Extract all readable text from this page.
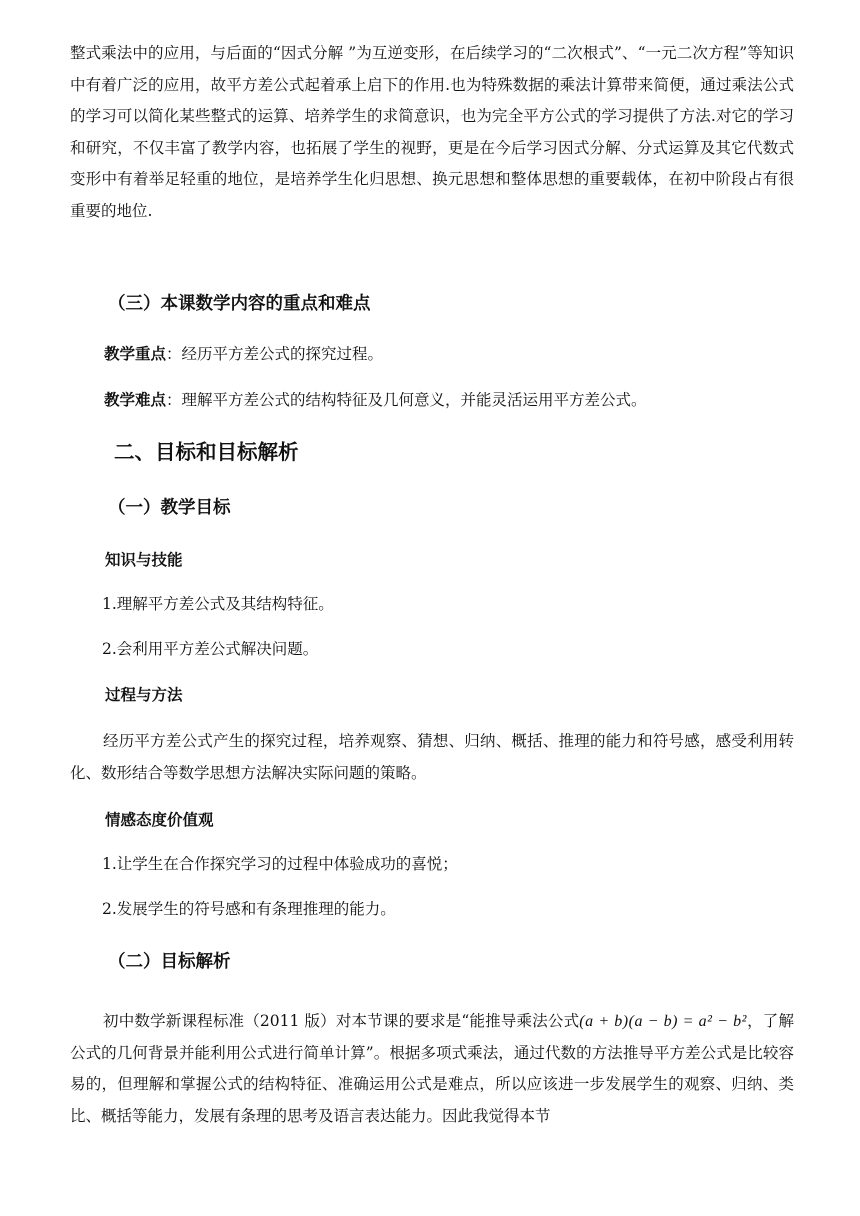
整式乘法中的应用，与后面的“因式分解 ”为互逆变形，在后续学习的“二次根式”、“一元二次方程”等知识中有着广泛的应用，故平方差公式起着承上启下的作用.也为特殊数据的乘法计算带来简便，通过乘法公式的学习可以简化某些整式的运算、培养学生的求简意识，也为完全平方公式的学习提供了方法.对它的学习和研究，不仅丰富了教学内容，也拓展了学生的视野，更是在今后学习因式分解、分式运算及其它代数式变形中有着举足轻重的地位，是培养学生化归思想、换元思想和整体思想的重要载体，在初中阶段占有很重要的地位.

（三）本课数学内容的重点和难点
教学重点：经历平方差公式的探究过程。
教学难点：理解平方差公式的结构特征及几何意义，并能灵活运用平方差公式。
二、目标和目标解析
（一）教学目标
知识与技能
1.理解平方差公式及其结构特征。
2.会利用平方差公式解决问题。
过程与方法

经历平方差公式产生的探究过程，培养观察、猜想、归纳、概括、推理的能力和符号感，感受利用转化、数形结合等数学思想方法解决实际问题的策略。

情感态度价值观
1.让学生在合作探究学习的过程中体验成功的喜悦；
2.发展学生的符号感和有条理推理的能力。
（二）目标解析

初中数学新课程标准（2011 版）对本节课的要求是“能推导乘法公式(a + b)(a − b) = a² − b²，了解公式的几何背景并能利用公式进行简单计算”。根据多项式乘法，通过代数的方法推导平方差公式是比较容易的，但理解和掌握公式的结构特征、准确运用公式是难点，所以应该进一步发展学生的观察、归纳、类比、概括等能力，发展有条理的思考及语言表达能力。因此我觉得本节
